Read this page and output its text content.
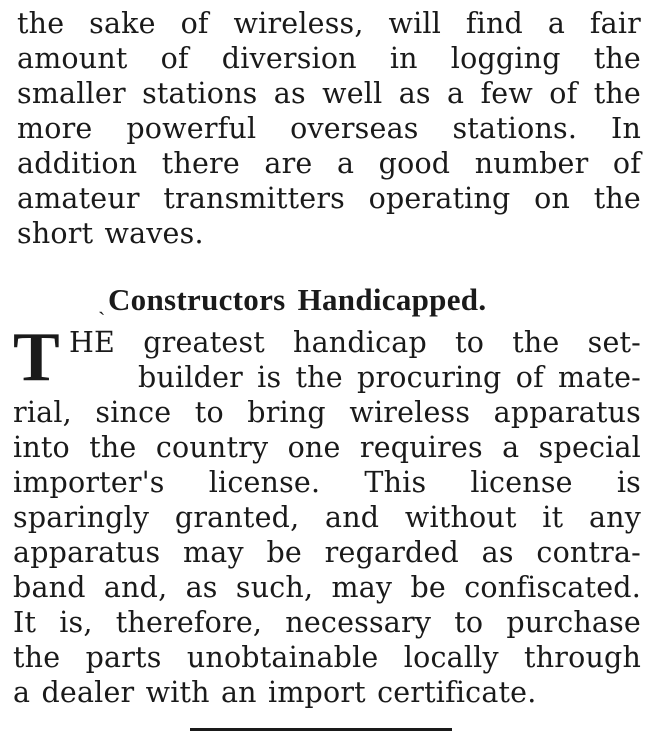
the sake of wireless, will find a fair
amount of diversion in logging the
smaller stations as well as a few of the
more powerful overseas stations. In
addition there are a good number of
amateur transmitters operating on the
short waves.
ˎConstructors Handicapped.
T HE greatest handicap to the set-
builder is the procuring of mate-
rial, since to bring wireless apparatus
into the country one requires a special
importer's license. This license is
sparingly granted, and without it any
apparatus may be regarded as contra-
band and, as such, may be confiscated.
It is, therefore, necessary to purchase
the parts unobtainable locally through
a dealer with an import certificate.
